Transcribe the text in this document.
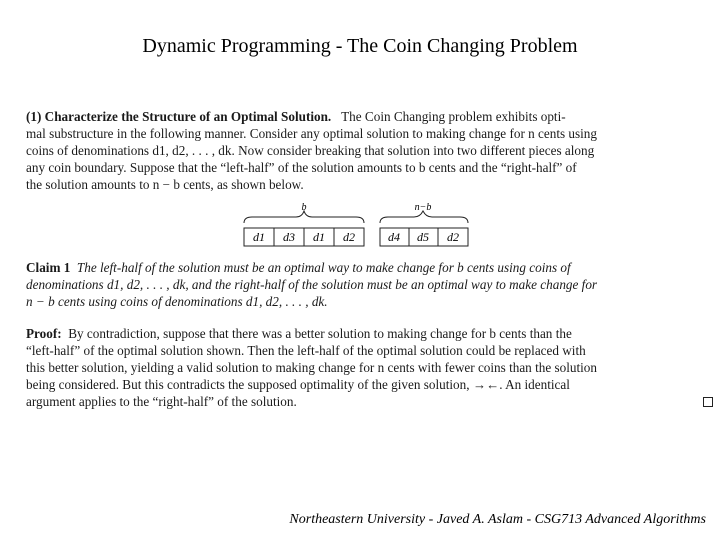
Dynamic Programming - The Coin Changing Problem
(1) Characterize the Structure of an Optimal Solution. The Coin Changing problem exhibits opti-
mal substructure in the following manner. Consider any optimal solution to making change for n cents using
coins of denominations d1, d2, . . . , dk. Now consider breaking that solution into two different pieces along
any coin boundary. Suppose that the “left-half” of the solution amounts to b cents and the “right-half” of
the solution amounts to n − b cents, as shown below.
b	n−b
d1 d3 d1 d2	d4 d5 d2
Claim 1 The left-half of the solution must be an optimal way to make change for b cents using coins of
denominations d1, d2, . . . , dk, and the right-half of the solution must be an optimal way to make change for
n − b cents using coins of denominations d1, d2, . . . , dk.
Proof: By contradiction, suppose that there was a better solution to making change for b cents than the
“left-half” of the optimal solution shown. Then the left-half of the optimal solution could be replaced with
this better solution, yielding a valid solution to making change for n cents with fewer coins than the solution
being considered. But this contradicts the supposed optimality of the given solution, →←. An identical
argument applies to the “right-half” of the solution.
Northeastern University - Javed A. Aslam - CSG713 Advanced Algorithms
